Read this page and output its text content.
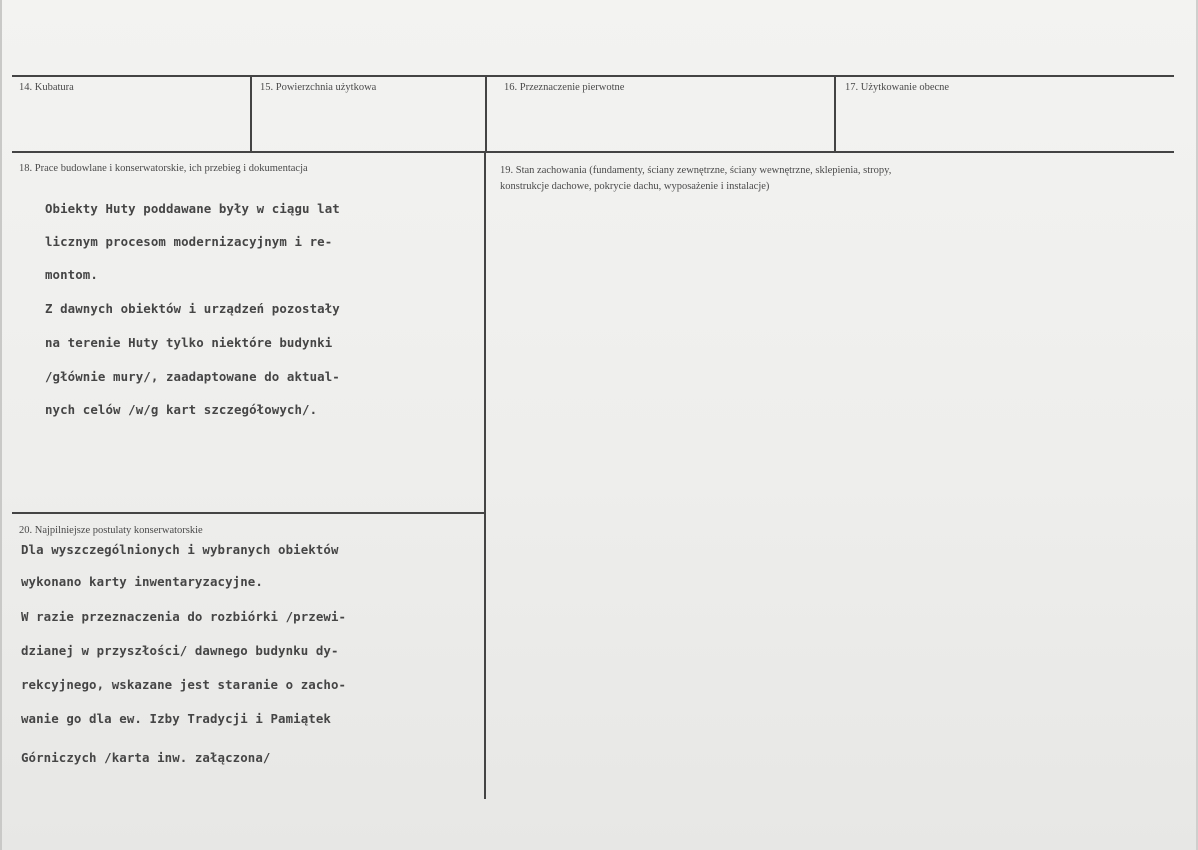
14. Kubatura	15. Powierzchnia użytkowa	16. Przeznaczenie pierwotne	17. Użytkowanie obecne
18. Prace budowlane i konserwatorskie, ich przebieg i dokumentacja
Obiekty Huty poddawane były w ciągu lat
licznym procesom modernizacyjnym i re-
montom.
Z dawnych obiektów i urządzeń pozostały
na terenie Huty tylko niektóre budynki
/głównie mury/, zaadaptowane do aktual-
nych celów /w/g kart szczegółowych/.
19. Stan zachowania (fundamenty, ściany zewnętrzne, ściany wewnętrzne, sklepienia, stropy,
konstrukcje dachowe, pokrycie dachu, wyposażenie i instalacje)
20. Najpilniejsze postulaty konserwatorskie
Dla wyszczególnionych i wybranych obiektów
wykonano karty inwentaryzacyjne.
W razie przeznaczenia do rozbiórki /przewi-
dzianej w przyszłości/ dawnego budynku dy-
rekcyjnego, wskazane jest staranie o zacho-
wanie go dla ew. Izby Tradycji i Pamiątek
Górniczych /karta inw. załączona/
